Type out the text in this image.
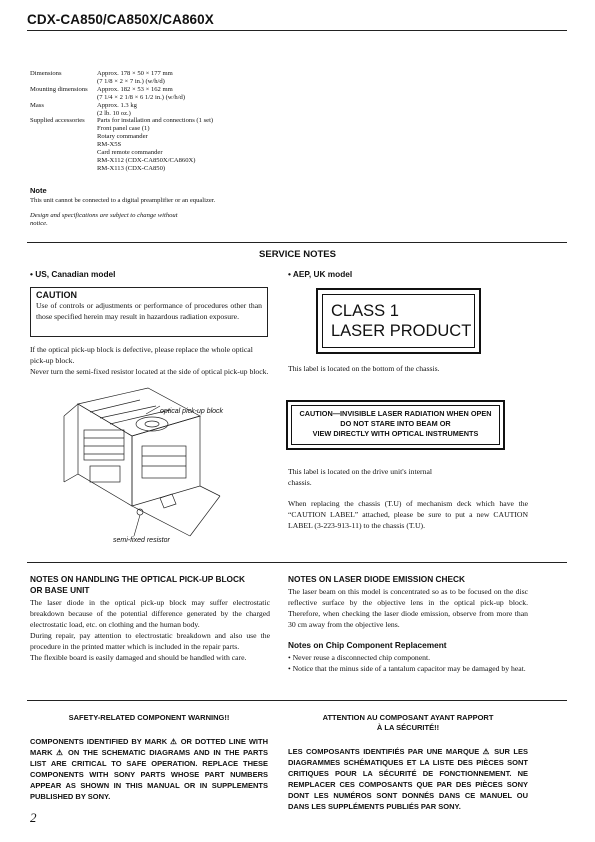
CDX-CA850/CA850X/CA860X
Dimensions	Approx. 178 × 50 × 177 mm
(7 1/8 × 2 × 7 in.) (w/h/d)
Mounting dimensions	Approx. 182 × 53 × 162 mm
(7 1/4 × 2 1/8 × 6 1/2 in.) (w/h/d)
Mass	Approx. 1.3 kg
(2 lb. 10 oz.)
Supplied accessories	Parts for installation and connections (1 set)
Front panel case (1)
Rotary commander
RM-X5S
Card remote commander
RM-X112 (CDX-CA850X/CA860X)
RM-X113 (CDX-CA850)
Note
This unit cannot be connected to a digital preamplifier or an equalizer.
Design and specifications are subject to change without
notice.
SERVICE NOTES
• US, Canadian model	• AEP, UK model
CAUTION
Use of controls or adjustments or performance of procedures other than those specified herein may result in hazardous radiation exposure.
If the optical pick-up block is defective, please replace the whole optical pick-up block.
Never turn the semi-fixed resistor located at the side of optical pick-up block.
optical pick-up block
semi-fixed resistor
CLASS 1
LASER PRODUCT
This label is located on the bottom of the chassis.
CAUTION—INVISIBLE LASER RADIATION WHEN OPEN
DO NOT STARE INTO BEAM OR
VIEW DIRECTLY WITH OPTICAL INSTRUMENTS
This label is located on the drive unit's internal
chassis.
When replacing the chassis (T.U) of mechanism deck which have the “CAUTION LABEL” attached, please be sure to put a new CAUTION LABEL (3-223-913-11) to the chassis (T.U).
NOTES ON HANDLING THE OPTICAL PICK-UP BLOCK
OR BASE UNIT
The laser diode in the optical pick-up block may suffer electrostatic breakdown because of the potential difference generated by the charged electrostatic load, etc. on clothing and the human body.
During repair, pay attention to electrostatic breakdown and also use the procedure in the printed matter which is included in the repair parts.
The flexible board is easily damaged and should be handled with care.
NOTES ON LASER DIODE EMISSION CHECK
The laser beam on this model is concentrated so as to be focused on the disc reflective surface by the objective lens in the optical pick-up block. Therefore, when checking the laser diode emission, observe from more than 30 cm away from the objective lens.
Notes on Chip Component Replacement
• Never reuse a disconnected chip component.
• Notice that the minus side of a tantalum capacitor may be damaged by heat.
SAFETY-RELATED COMPONENT WARNING!!
COMPONENTS IDENTIFIED BY MARK ⚠ OR DOTTED LINE WITH MARK ⚠ ON THE SCHEMATIC DIAGRAMS AND IN THE PARTS LIST ARE CRITICAL TO SAFE OPERATION. REPLACE THESE COMPONENTS WITH SONY PARTS WHOSE PART NUMBERS APPEAR AS SHOWN IN THIS MANUAL OR IN SUPPLEMENTS PUBLISHED BY SONY.
ATTENTION AU COMPOSANT AYANT RAPPORT
À LA SÉCURITÉ!!
LES COMPOSANTS IDENTIFIÉS PAR UNE MARQUE ⚠ SUR LES DIAGRAMMES SCHÉMATIQUES ET LA LISTE DES PIÈCES SONT CRITIQUES POUR LA SÉCURITÉ DE FONCTIONNEMENT. NE REMPLACER CES COMPOSANTS QUE PAR DES PIÈCES SONY DONT LES NUMÉROS SONT DONNÉS DANS CE MANUEL OU DANS LES SUPPLÉMENTS PUBLIÉS PAR SONY.
2
